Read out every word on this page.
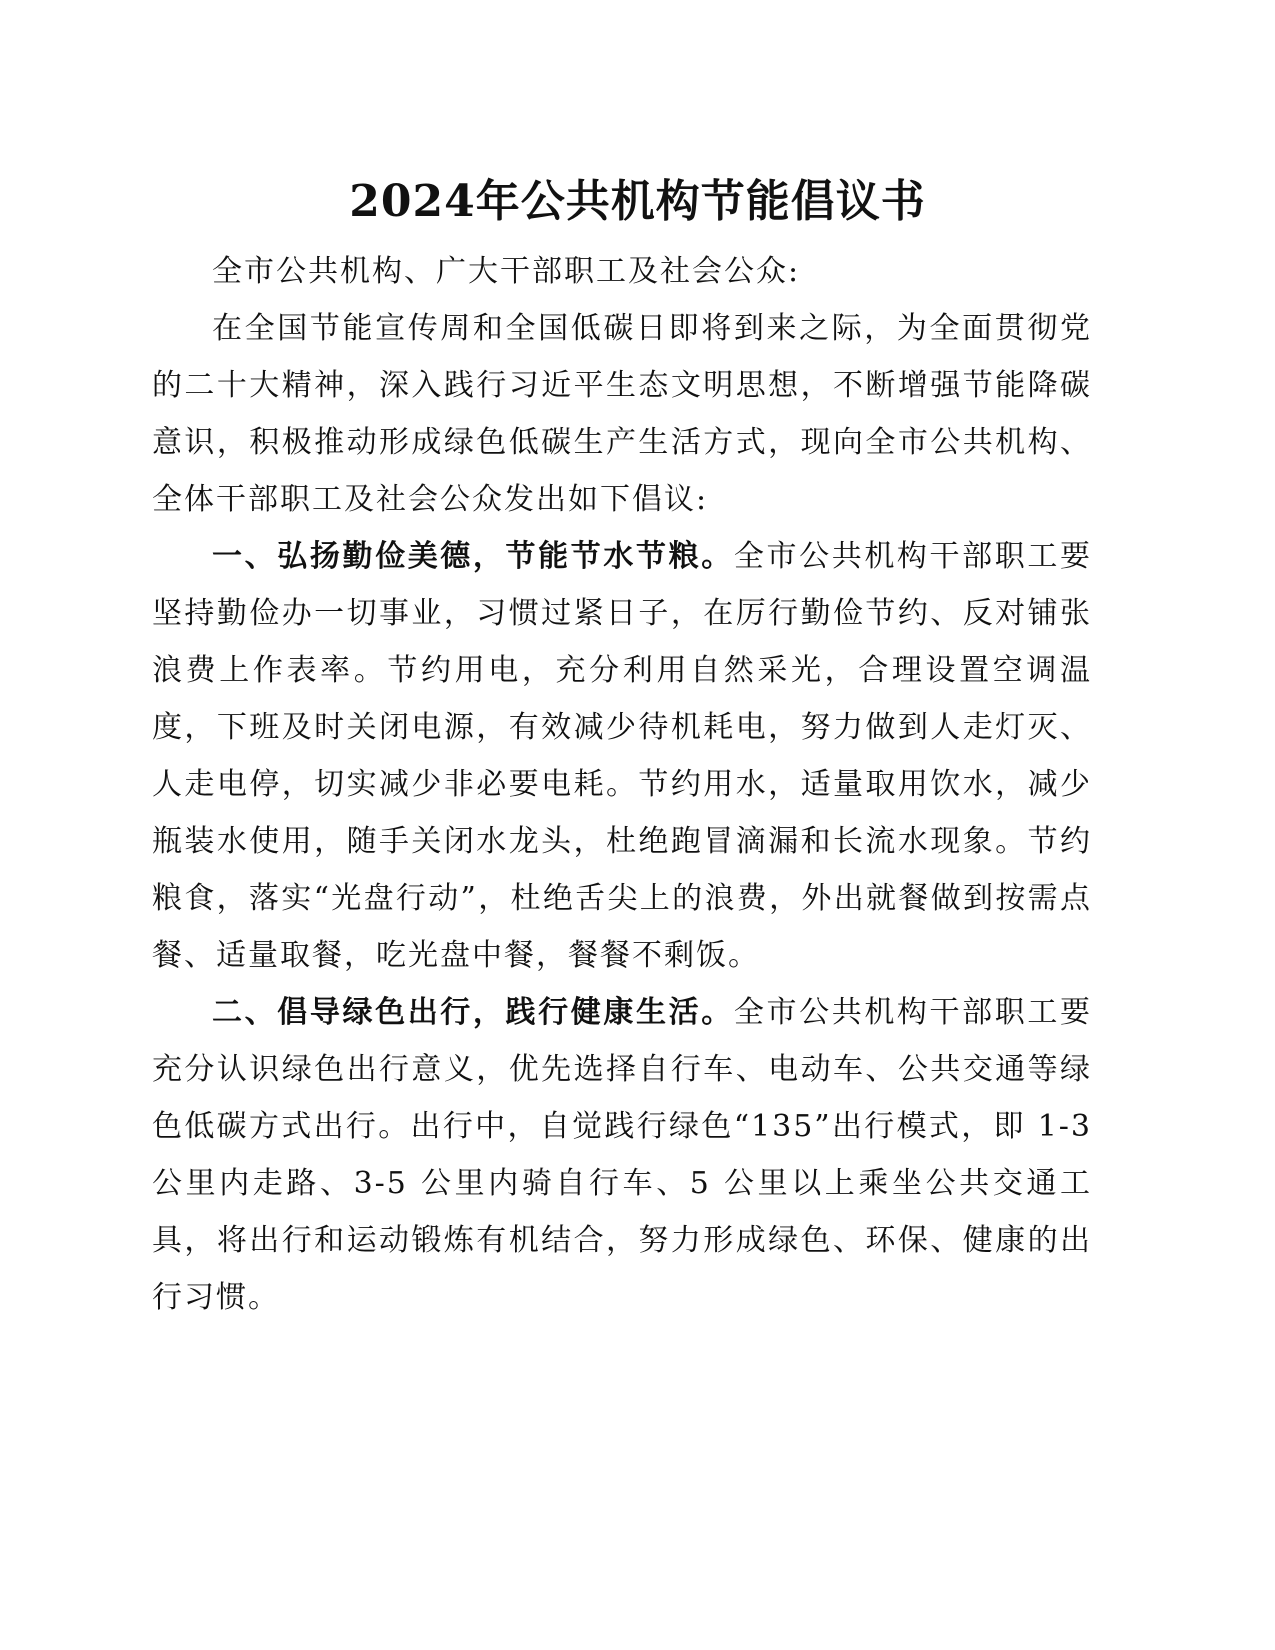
2024年公共机构节能倡议书

全市公共机构、广大干部职工及社会公众:

在全国节能宣传周和全国低碳日即将到来之际，为全面贯彻党的二十大精神，深入践行习近平生态文明思想，不断增强节能降碳意识，积极推动形成绿色低碳生产生活方式，现向全市公共机构、全体干部职工及社会公众发出如下倡议:

一、弘扬勤俭美德，节能节水节粮。全市公共机构干部职工要坚持勤俭办一切事业，习惯过紧日子，在厉行勤俭节约、反对铺张浪费上作表率。节约用电，充分利用自然采光，合理设置空调温度，下班及时关闭电源，有效减少待机耗电，努力做到人走灯灭、人走电停，切实减少非必要电耗。节约用水，适量取用饮水，减少瓶装水使用，随手关闭水龙头，杜绝跑冒滴漏和长流水现象。节约粮食，落实“光盘行动”，杜绝舌尖上的浪费，外出就餐做到按需点餐、适量取餐，吃光盘中餐，餐餐不剩饭。

二、倡导绿色出行，践行健康生活。全市公共机构干部职工要充分认识绿色出行意义，优先选择自行车、电动车、公共交通等绿色低碳方式出行。出行中，自觉践行绿色“135”出行模式，即 1-3 公里内走路、3-5 公里内骑自行车、5 公里以上乘坐公共交通工具，将出行和运动锻炼有机结合，努力形成绿色、环保、健康的出行习惯。
